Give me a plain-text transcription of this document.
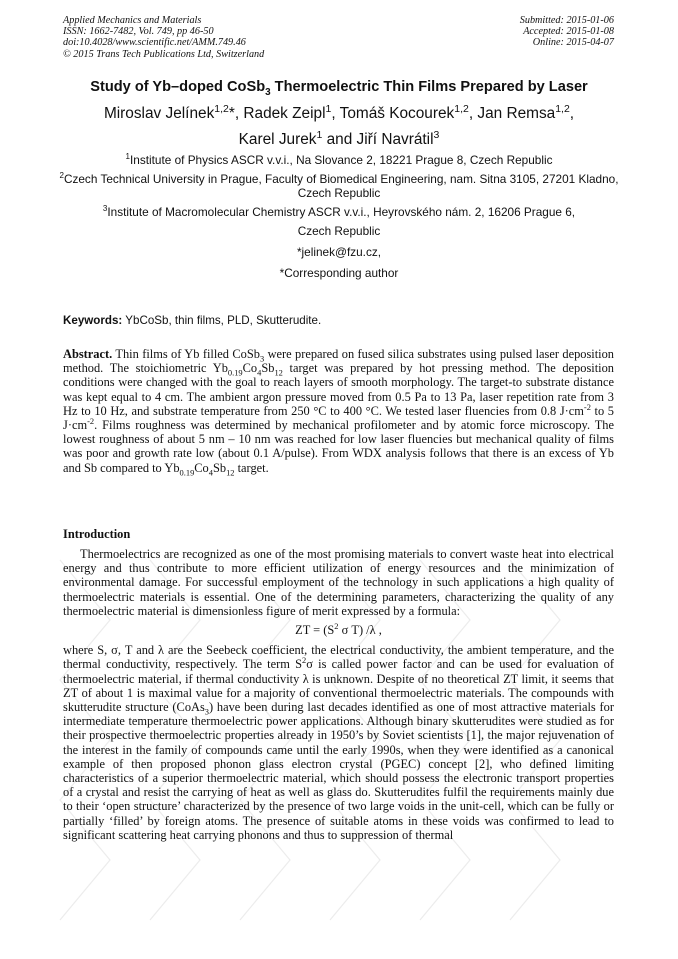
Applied Mechanics and Materials
ISSN: 1662-7482, Vol. 749, pp 46-50
doi:10.4028/www.scientific.net/AMM.749.46
© 2015 Trans Tech Publications Ltd, Switzerland
Submitted: 2015-01-06
Accepted: 2015-01-08
Online: 2015-04-07
Study of Yb–doped CoSb$_3$ Thermoelectric Thin Films Prepared by Laser
Miroslav Jelínek$^{1,2}$*, Radek Zeipl$^1$, Tomáš Kocourek$^{1,2}$, Jan Remsa$^{1,2}$,
Karel Jurek$^1$ and Jiří Navrátil$^3$
$^1$Institute of Physics ASCR v.v.i., Na Slovance 2, 18221 Prague 8, Czech Republic
$^2$Czech Technical University in Prague, Faculty of Biomedical Engineering, nam. Sitna 3105, 27201 Kladno, Czech Republic
$^3$Institute of Macromolecular Chemistry ASCR v.v.i., Heyrovského nám. 2, 16206 Prague 6,
Czech Republic
*jelinek@fzu.cz,
*Corresponding author
Keywords: YbCoSb, thin films, PLD, Skutterudite.
Abstract. Thin films of Yb filled CoSb$_3$ were prepared on fused silica substrates using pulsed laser deposition method. The stoichiometric $Yb_{0.19}Co_4Sb_{12}$ target was prepared by hot pressing method. The deposition conditions were changed with the goal to reach layers of smooth morphology. The target-to substrate distance was kept equal to 4 cm. The ambient argon pressure moved from 0.5 Pa to 13 Pa, laser repetition rate from 3 Hz to 10 Hz, and substrate temperature from 250 °C to 400 °C. We tested laser fluencies from 0.8 $J\cdot cm^{-2}$ to 5 $J\cdot cm^{-2}$. Films roughness was determined by mechanical profilometer and by atomic force microscopy. The lowest roughness of about 5 nm – 10 nm was reached for low laser fluencies but mechanical quality of films was poor and growth rate low (about 0.1 A/pulse). From WDX analysis follows that there is an excess of Yb and Sb compared to $Yb_{0.19}Co_4Sb_{12}$ target.
Introduction

Thermoelectrics are recognized as one of the most promising materials to convert waste heat into electrical energy and thus contribute to more efficient utilization of energy resources and the minimization of environmental damage. For successful employment of the technology in such applications a high quality of thermoelectric materials is essential. One of the determining parameters, characterizing the quality of any thermoelectric material is dimensionless figure of merit expressed by a formula:

ZT = ($S^2$ σ T) /λ ,

where S, σ, T and λ are the Seebeck coefficient, the electrical conductivity, the ambient temperature, and the thermal conductivity, respectively. The term $S^2\sigma$ is called power factor and can be used for evaluation of thermoelectric material, if thermal conductivity λ is unknown. Despite of no theoretical ZT limit, it seems that ZT of about 1 is maximal value for a majority of conventional thermoelectric materials. The compounds with skutterudite structure (CoAs$_3$) have been during last decades identified as one of most attractive materials for intermediate temperature thermoelectric power applications. Although binary skutterudites were studied as for their prospective thermoelectric properties already in 1950’s by Soviet scientists [1], the major rejuvenation of the interest in the family of compounds came until the early 1990s, when they were identified as a canonical example of then proposed phonon glass electron crystal (PGEC) concept [2], who defined limiting characteristics of a superior thermoelectric material, which should possess the electronic transport properties of a crystal and resist the carrying of heat as well as glass do. Skutterudites fulfil the requirements mainly due to their ‘open structure’ characterized by the presence of two large voids in the unit-cell, which can be fully or partially ‘filled’ by foreign atoms. The presence of suitable atoms in these voids was confirmed to lead to significant scattering heat carrying phonons and thus to suppression of thermal
